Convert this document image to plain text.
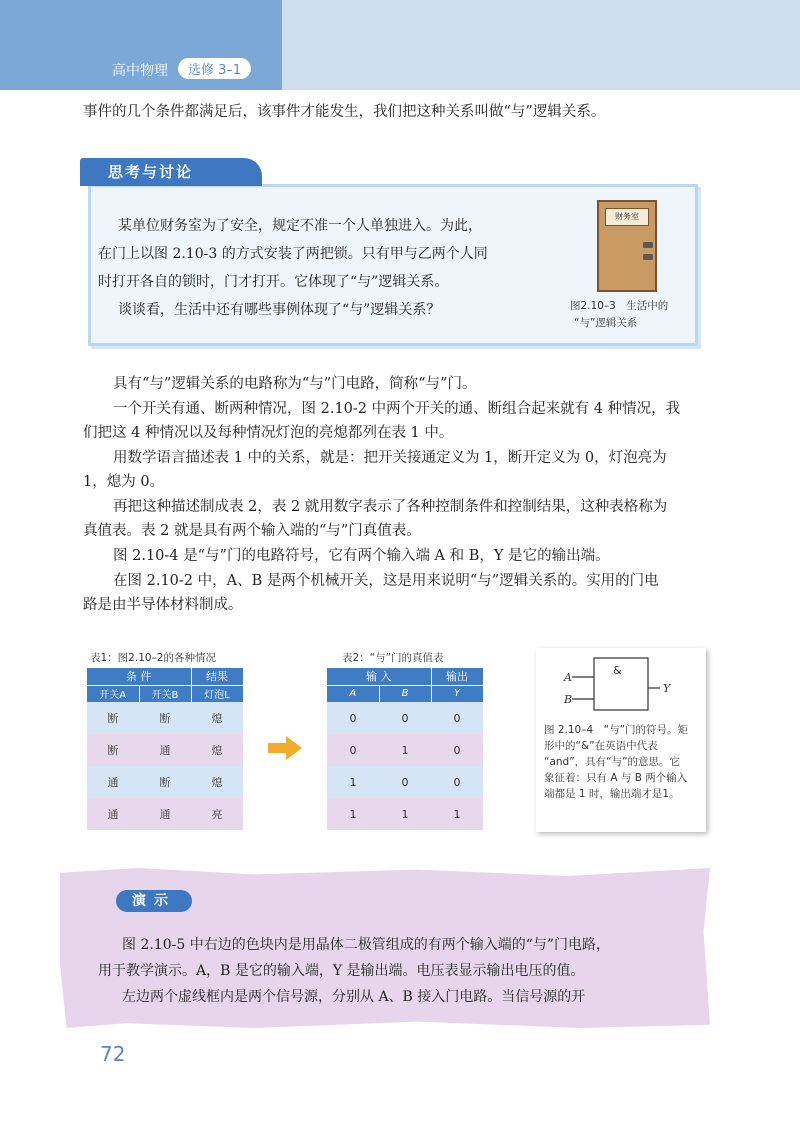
高中物理	选修 3–1
事件的几个条件都满足后，该事件才能发生，我们把这种关系叫做“与”逻辑关系。
思考与讨论
某单位财务室为了安全，规定不准一个人单独进入。为此，
在门上以图 2.10-3 的方式安装了两把锁。只有甲与乙两个人同
时打开各自的锁时，门才打开。它体现了“与”逻辑关系。
谈谈看，生活中还有哪些事例体现了“与”逻辑关系？
财务室
图2.10–3　生活中的
“与”逻辑关系
具有“与”逻辑关系的电路称为“与”门电路，简称“与”门。
一个开关有通、断两种情况，图 2.10-2 中两个开关的通、断组合起来就有 4 种情况，我
们把这 4 种情况以及每种情况灯泡的亮熄都列在表 1 中。
用数学语言描述表 1 中的关系，就是：把开关接通定义为 1，断开定义为 0，灯泡亮为
1，熄为 0。
再把这种描述制成表 2，表 2 就用数字表示了各种控制条件和控制结果，这种表格称为
真值表。表 2 就是具有两个输入端的“与”门真值表。
图 2.10-4 是“与”门的电路符号，它有两个输入端 A 和 B，Y 是它的输出端。
在图 2.10-2 中，A、B 是两个机械开关，这是用来说明“与”逻辑关系的。实用的门电
路是由半导体材料制成。
表1：图2.10–2的各种情况
条 件		结果
开关A	开关B	灯泡L
断	断	熄
断	通	熄
通	断	熄
通	通	亮
表2：“与”门的真值表
输 入		输出
A	B	Y
0	0	0
0	1	0
1	0	0
1	1	1
&
A
B
Y
图 2.10–4　“与”门的符号。矩
形中的“&”在英语中代表
“and”，具有“与”的意思。它
象征着：只有 A 与 B 两个输入
端都是 1 时，输出端才是1。
演示
图 2.10-5 中右边的色块内是用晶体二极管组成的有两个输入端的“与”门电路，
用于教学演示。A，B 是它的输入端，Y 是输出端。电压表显示输出电压的值。
左边两个虚线框内是两个信号源，分别从 A、B 接入门电路。当信号源的开
72
